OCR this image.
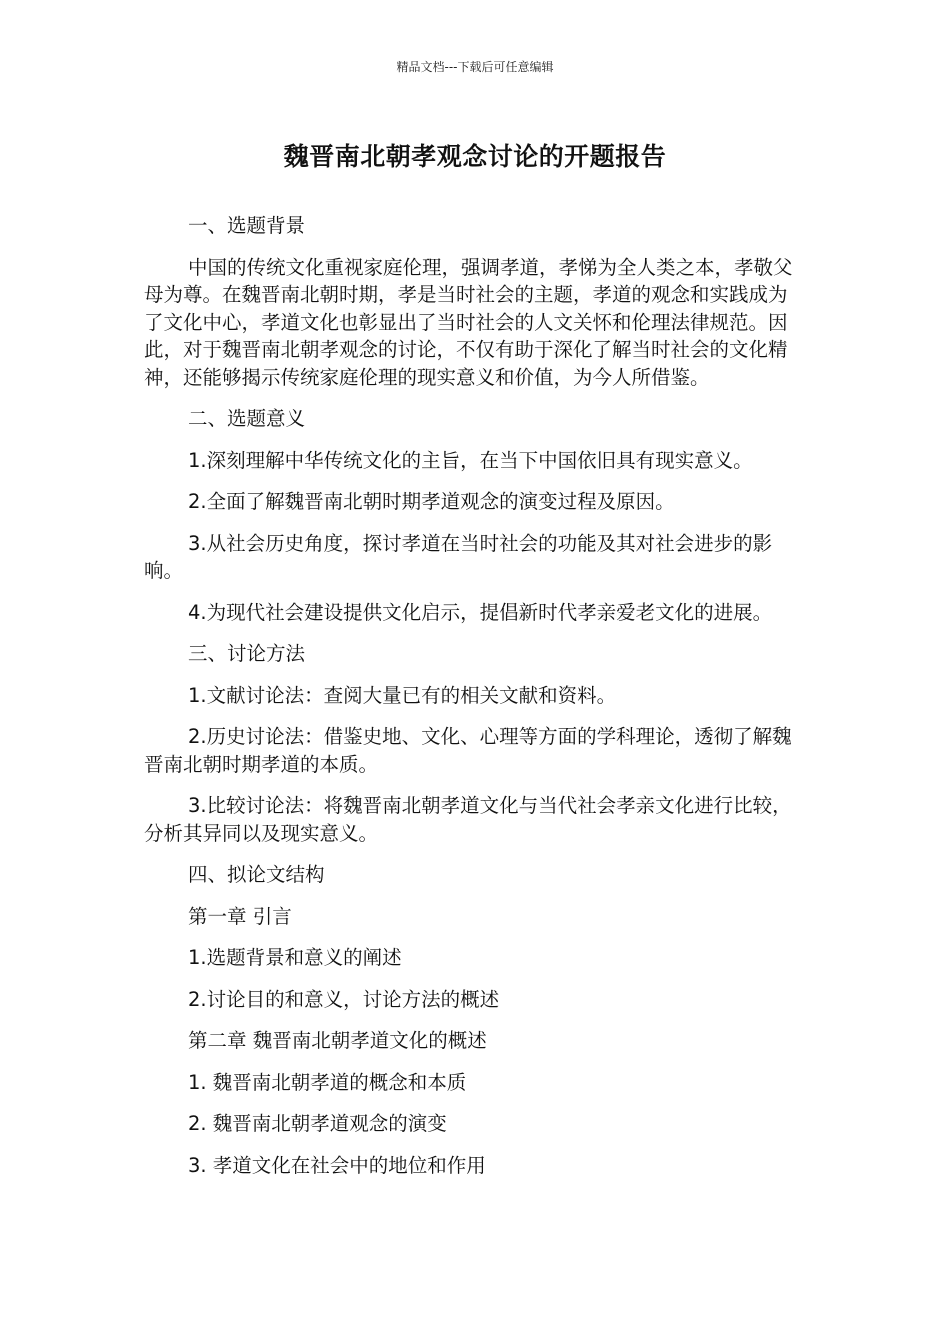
精品文档---下载后可任意编辑
魏晋南北朝孝观念讨论的开题报告

一、选题背景

中国的传统文化重视家庭伦理，强调孝道，孝悌为全人类之本，孝敬父母为尊。在魏晋南北朝时期，孝是当时社会的主题，孝道的观念和实践成为了文化中心，孝道文化也彰显出了当时社会的人文关怀和伦理法律规范。因此，对于魏晋南北朝孝观念的讨论，不仅有助于深化了解当时社会的文化精神，还能够揭示传统家庭伦理的现实意义和价值，为今人所借鉴。

二、选题意义

1.深刻理解中华传统文化的主旨，在当下中国依旧具有现实意义。

2.全面了解魏晋南北朝时期孝道观念的演变过程及原因。

3.从社会历史角度，探讨孝道在当时社会的功能及其对社会进步的影响。

4.为现代社会建设提供文化启示，提倡新时代孝亲爱老文化的进展。

三、讨论方法

1.文献讨论法：查阅大量已有的相关文献和资料。

2.历史讨论法：借鉴史地、文化、心理等方面的学科理论，透彻了解魏晋南北朝时期孝道的本质。

3.比较讨论法：将魏晋南北朝孝道文化与当代社会孝亲文化进行比较，分析其异同以及现实意义。

四、拟论文结构

第一章 引言

1.选题背景和意义的阐述

2.讨论目的和意义，讨论方法的概述

第二章 魏晋南北朝孝道文化的概述

1. 魏晋南北朝孝道的概念和本质

2. 魏晋南北朝孝道观念的演变

3. 孝道文化在社会中的地位和作用
